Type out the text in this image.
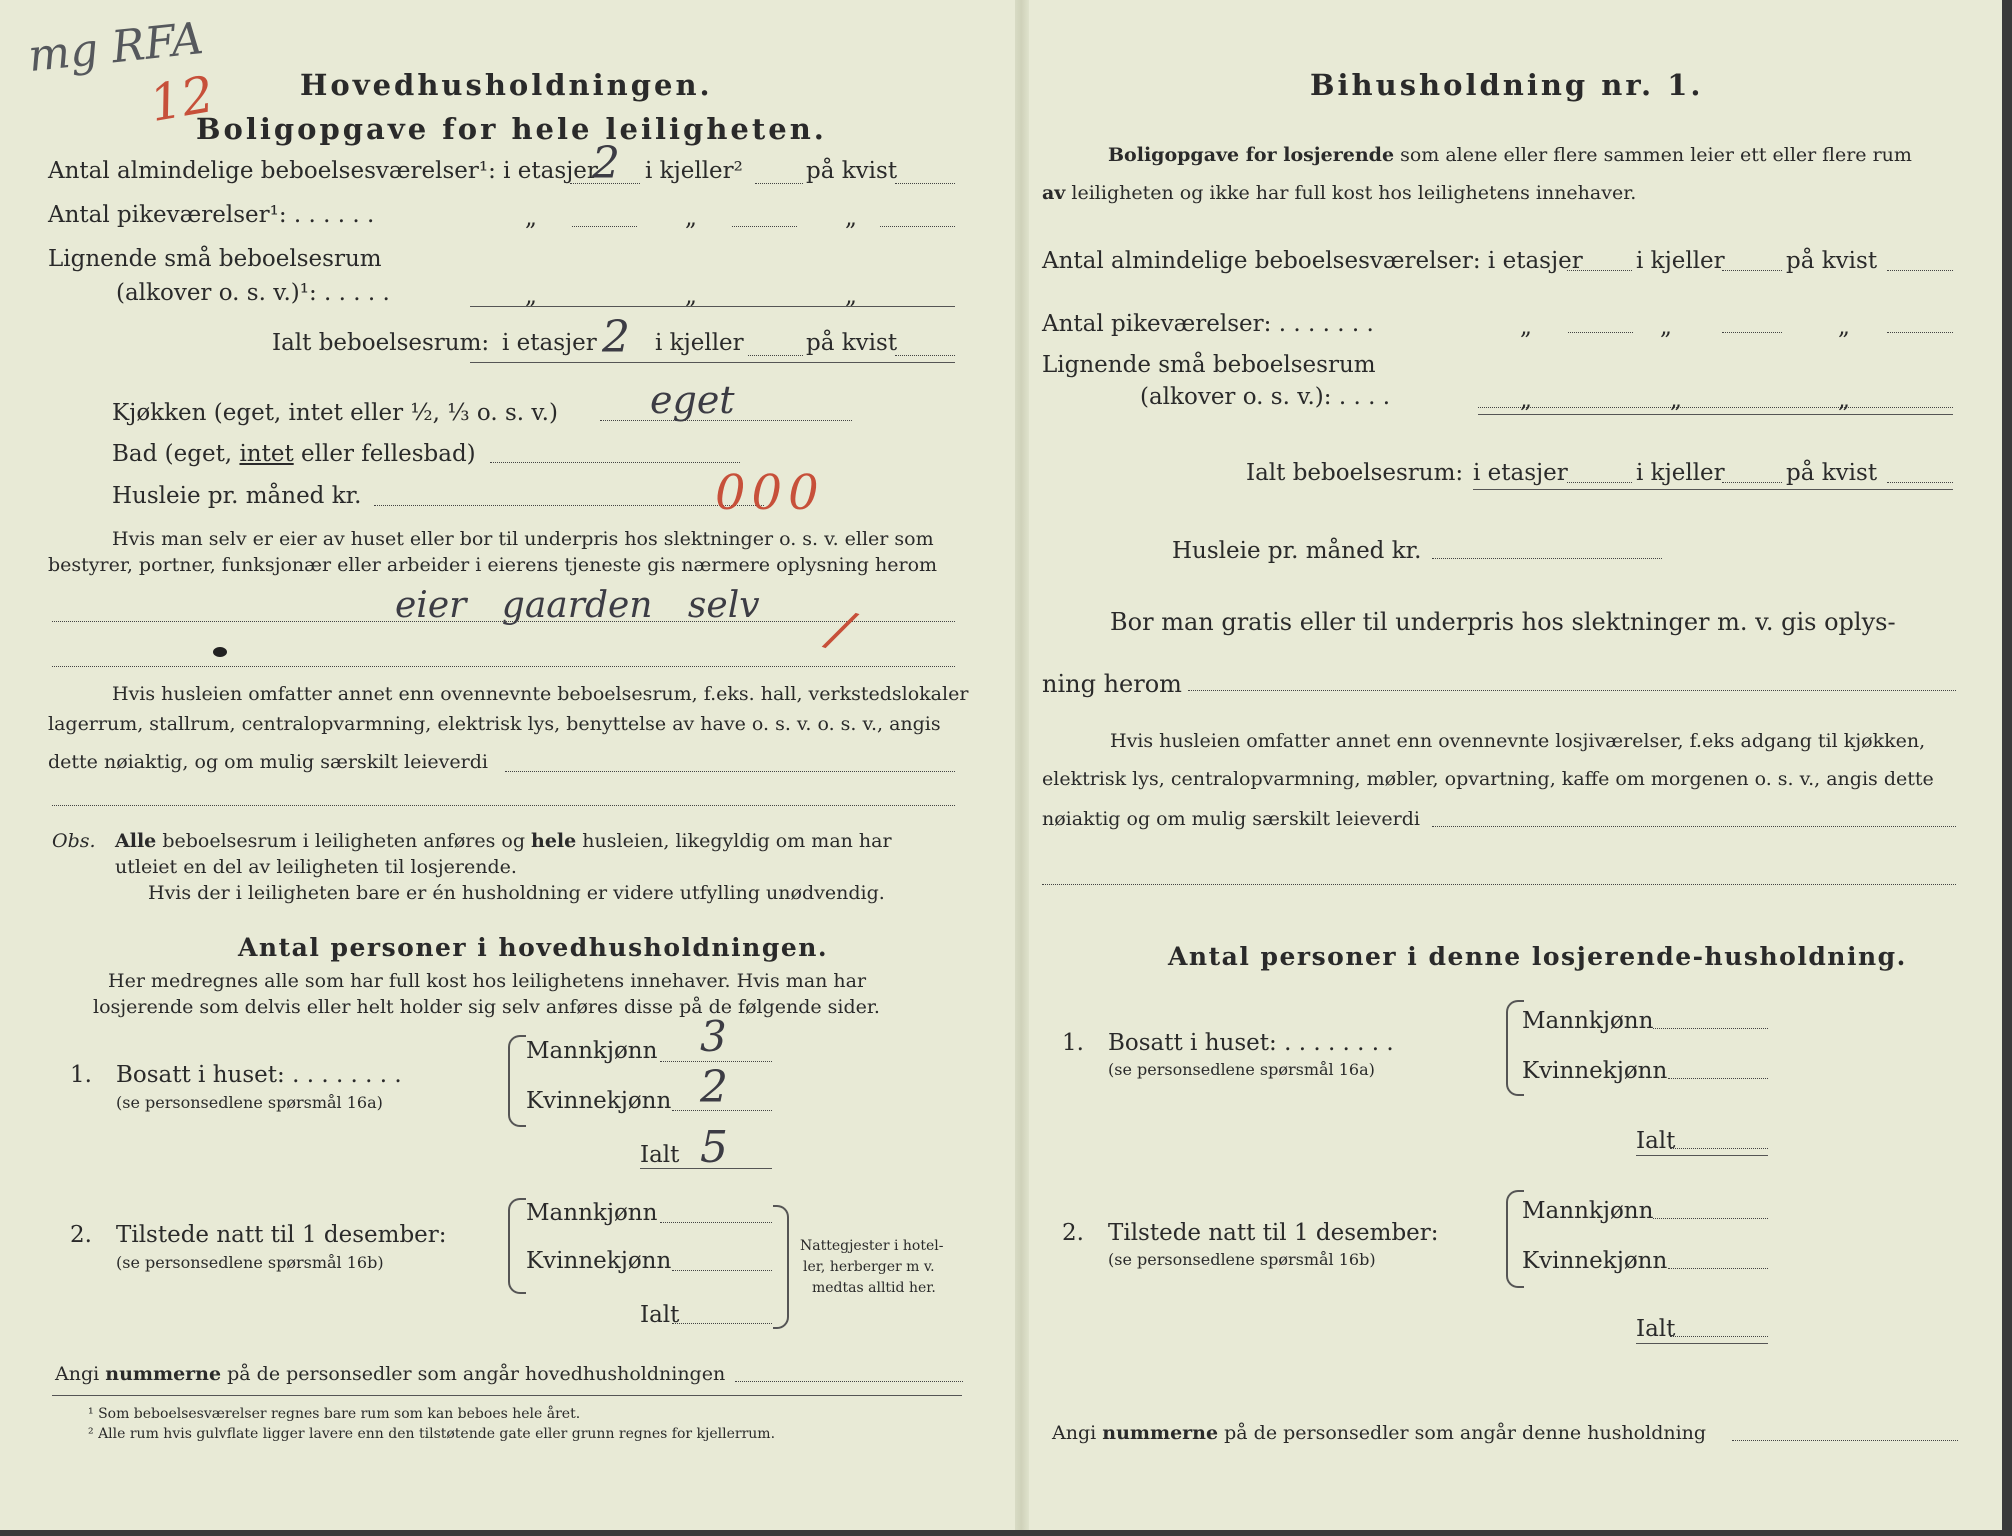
mg RFA
12	Hovedhusholdningen.
Boligopgave for hele leiligheten.
Antal almindelige beboelsesværelser¹: i etasjer
2 i kjeller²	på kvist
Antal pikeværelser¹: . . . . . .	„	„	„
Lignende små beboelsesrum
(alkover o. s. v.)¹: . . . . .	„	„	„
Ialt beboelsesrum: i etasjer 2 i kjeller	på kvist
Kjøkken (eget, intet eller ½, ⅓ o. s. v.) eget
Bad (eget, intet eller fellesbad)
Husleie pr. måned kr.	000
Hvis man selv er eier av huset eller bor til underpris hos slektninger o. s. v. eller som
bestyrer, portner, funksjonær eller arbeider i eierens tjeneste gis nærmere oplysning herom
eier gaarden selv /
Hvis husleien omfatter annet enn ovennevnte beboelsesrum, f.eks. hall, verkstedslokaler
lagerrum, stallrum, centralopvarmning, elektrisk lys, benyttelse av have o. s. v. o. s. v., angis
dette nøiaktig, og om mulig særskilt leieverdi
Obs. Alle beboelsesrum i leiligheten anføres og hele husleien, likegyldig om man har
utleiet en del av leiligheten til losjerende.
Hvis der i leiligheten bare er én husholdning er videre utfylling unødvendig.
Antal personer i hovedhusholdningen.
Her medregnes alle som har full kost hos leilighetens innehaver. Hvis man har
losjerende som delvis eller helt holder sig selv anføres disse på de følgende sider.
1. Bosatt i huset: . . . . . . . .
(se personsedlene spørsmål 16a)
Mannkjønn 3
Kvinnekjønn 2
Ialt 5
2. Tilstede natt til 1 desember:
(se personsedlene spørsmål 16b)
Mannkjønn
Kvinnekjønn
Ialt
Nattegjester i hotel-
ler, herberger m v.
medtas alltid her.
Angi nummerne på de personsedler som angår hovedhusholdningen
¹ Som beboelsesværelser regnes bare rum som kan beboes hele året.
² Alle rum hvis gulvflate ligger lavere enn den tilstøtende gate eller grunn regnes for kjellerrum.
Bihusholdning nr. 1.
Boligopgave for losjerende som alene eller flere sammen leier ett eller flere rum
av leiligheten og ikke har full kost hos leilighetens innehaver.
Antal almindelige beboelsesværelser: i etasjer i kjeller	på kvist
Antal pikeværelser: . . . . . . .	„	„	„
Lignende små beboelsesrum
(alkover o. s. v.): . . . .	„	„	„
Ialt beboelsesrum: i etasjer	i kjeller	på kvist
Husleie pr. måned kr.
Bor man gratis eller til underpris hos slektninger m. v. gis oplys-
ning herom
Hvis husleien omfatter annet enn ovennevnte losjiværelser, f.eks adgang til kjøkken,
elektrisk lys, centralopvarmning, møbler, opvartning, kaffe om morgenen o. s. v., angis dette
nøiaktig og om mulig særskilt leieverdi
Antal personer i denne losjerende-husholdning.
1. Bosatt i huset: . . . . . . . .
(se personsedlene spørsmål 16a)
Mannkjønn
Kvinnekjønn
Ialt
2. Tilstede natt til 1 desember:
(se personsedlene spørsmål 16b)
Mannkjønn
Kvinnekjønn
Ialt
Angi nummerne på de personsedler som angår denne husholdning
